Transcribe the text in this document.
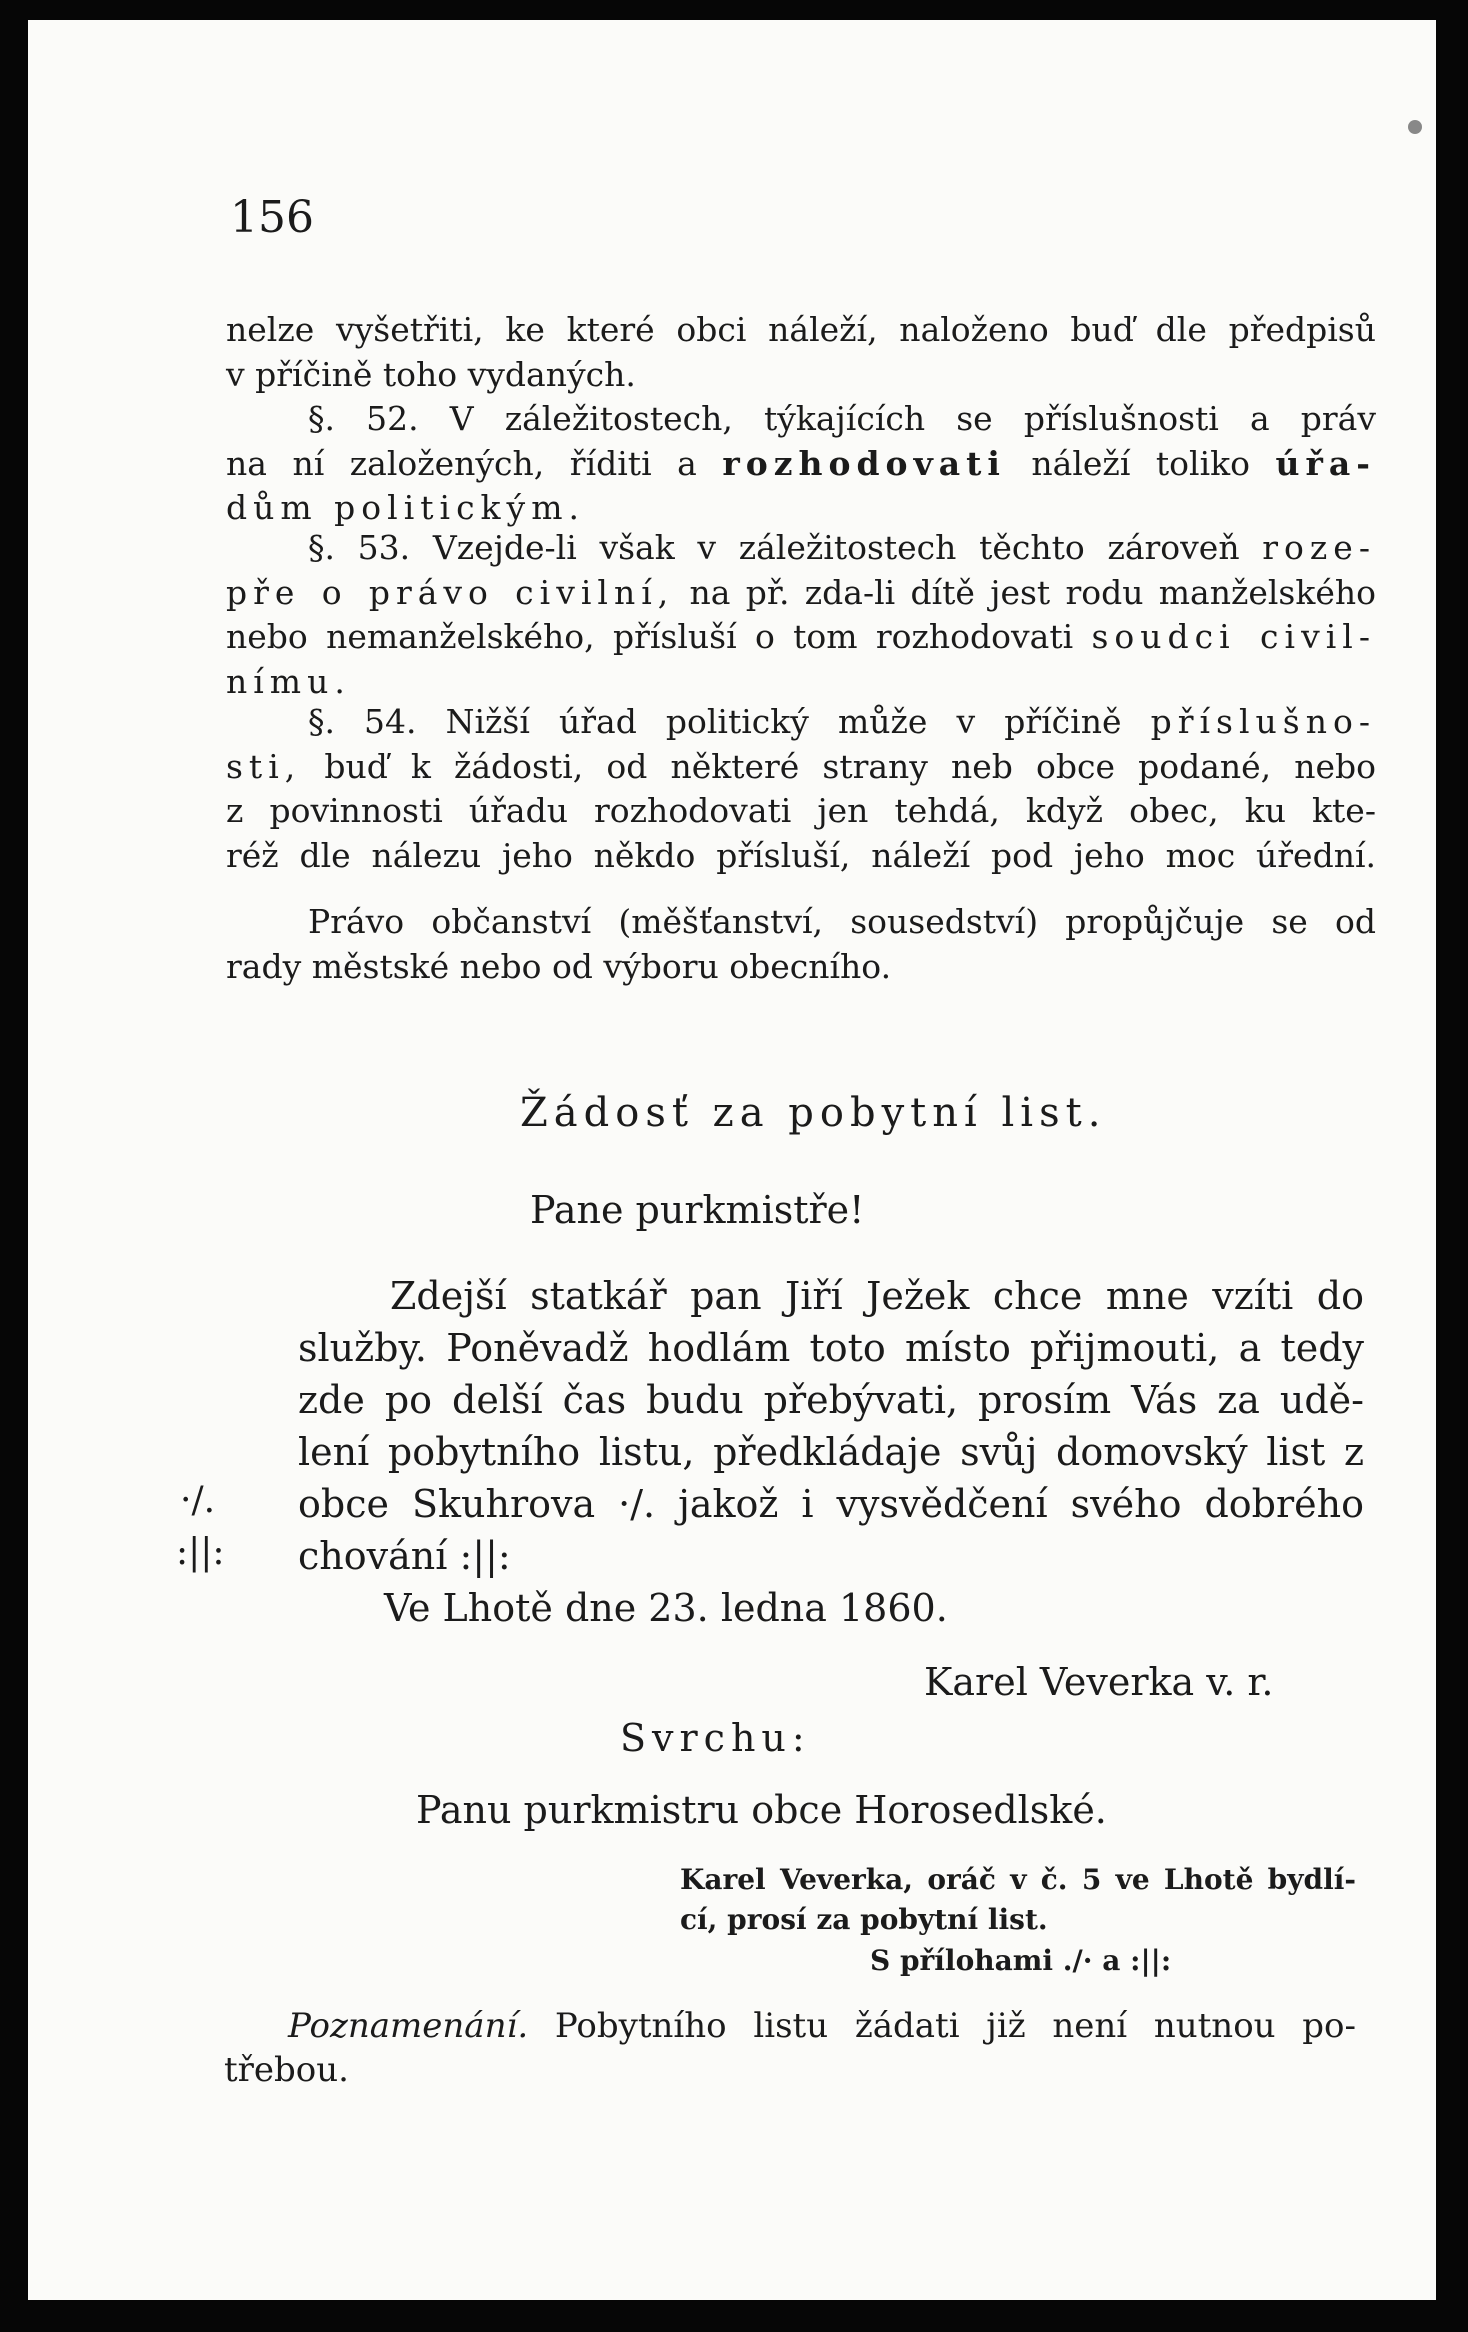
156
nelze vyšetřiti, ke které obci náleží, naloženo buď dle předpisů
v příčině toho vydaných.
§. 52. V záležitostech, týkajících se příslušnosti a práv
na ní založených, říditi a rozhodovati náleží toliko úřa-
dům politickým.
§. 53. Vzejde-li však v záležitostech těchto zároveň roze-
pře o právo civilní, na př. zda-li dítě jest rodu manželského
nebo nemanželského, přísluší o tom rozhodovati soudci civil-
nímu.
§. 54. Nižší úřad politický může v příčině příslušno-
sti, buď k žádosti, od některé strany neb obce podané, nebo
z povinnosti úřadu rozhodovati jen tehdá, když obec, ku kte-
réž dle nálezu jeho někdo přísluší, náleží pod jeho moc úřední.
Právo občanství (měšťanství, sousedství) propůjčuje se od
rady městské nebo od výboru obecního.
Žádosť za pobytní list.
Pane purkmistře!
Zdejší statkář pan Jiří Ježek chce mne vzíti do
služby. Poněvadž hodlám toto místo přijmouti, a tedy
zde po delší čas budu přebývati, prosím Vás za udě-
lení pobytního listu, předkládaje svůj domovský list z
obce Skuhrova ·/. jakož i vysvědčení svého dobrého
chování :||:
·/.
:||:
Ve Lhotě dne 23. ledna 1860.
Karel Veverka v. r.
Svrchu:
Panu purkmistru obce Horosedlské.
Karel Veverka, oráč v č. 5 ve Lhotě bydlí-
cí, prosí za pobytní list.
S přílohami ./· a :||:
Poznamenání. Pobytního listu žádati již není nutnou po-
třebou.
